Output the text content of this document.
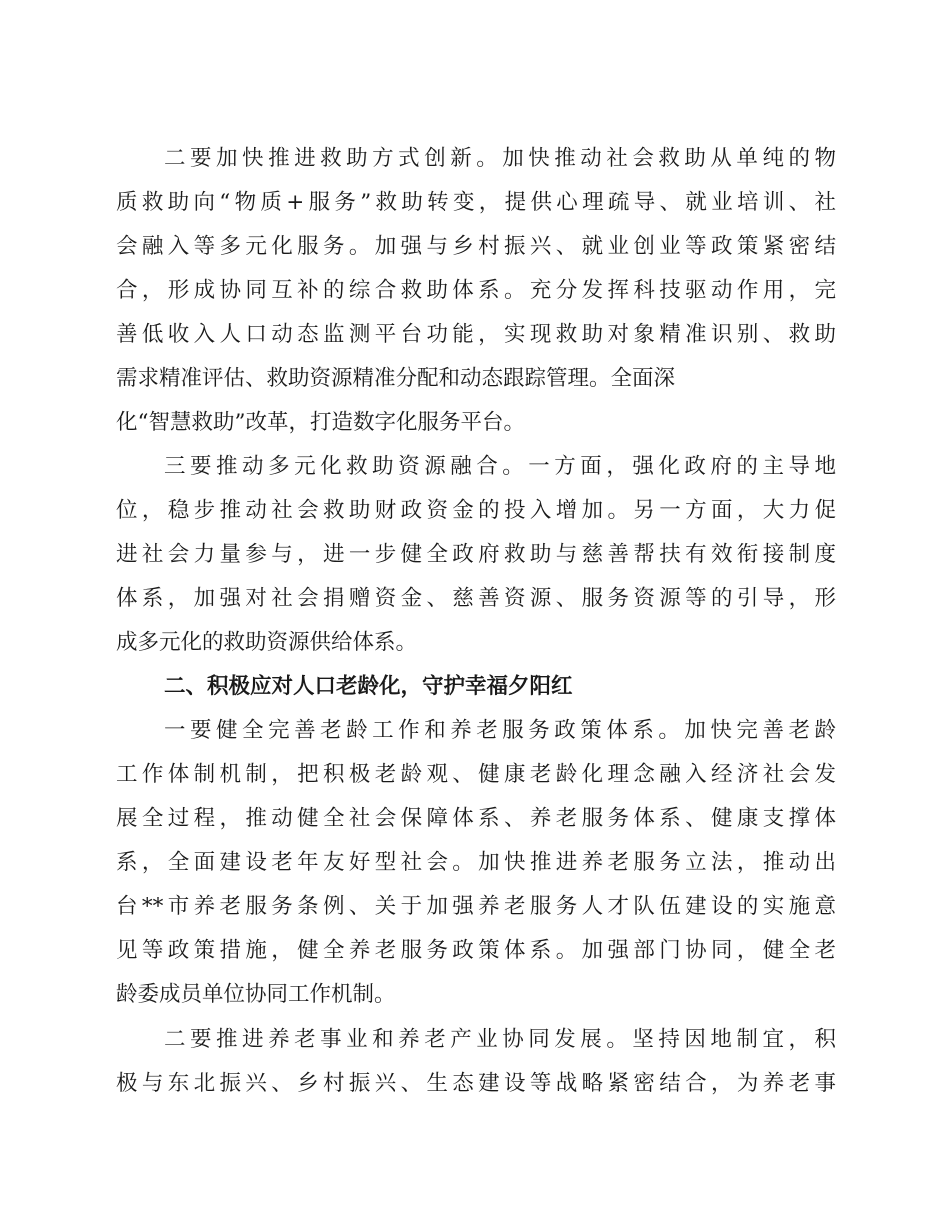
二要加快推进救助方式创新。加快推动社会救助从单纯的物
质救助向“物质+服务”救助转变，提供心理疏导、就业培训、社
会融入等多元化服务。加强与乡村振兴、就业创业等政策紧密结
合，形成协同互补的综合救助体系。充分发挥科技驱动作用，完
善低收入人口动态监测平台功能，实现救助对象精准识别、救助
需求精准评估、救助资源精准分配和动态跟踪管理。全面深
化“智慧救助”改革，打造数字化服务平台。
三要推动多元化救助资源融合。一方面，强化政府的主导地
位，稳步推动社会救助财政资金的投入增加。另一方面，大力促
进社会力量参与，进一步健全政府救助与慈善帮扶有效衔接制度
体系，加强对社会捐赠资金、慈善资源、服务资源等的引导，形
成多元化的救助资源供给体系。
二、积极应对人口老龄化，守护幸福夕阳红
一要健全完善老龄工作和养老服务政策体系。加快完善老龄
工作体制机制，把积极老龄观、健康老龄化理念融入经济社会发
展全过程，推动健全社会保障体系、养老服务体系、健康支撑体
系，全面建设老年友好型社会。加快推进养老服务立法，推动出
台**市养老服务条例、关于加强养老服务人才队伍建设的实施意
见等政策措施，健全养老服务政策体系。加强部门协同，健全老
龄委成员单位协同工作机制。
二要推进养老事业和养老产业协同发展。坚持因地制宜，积
极与东北振兴、乡村振兴、生态建设等战略紧密结合，为养老事
